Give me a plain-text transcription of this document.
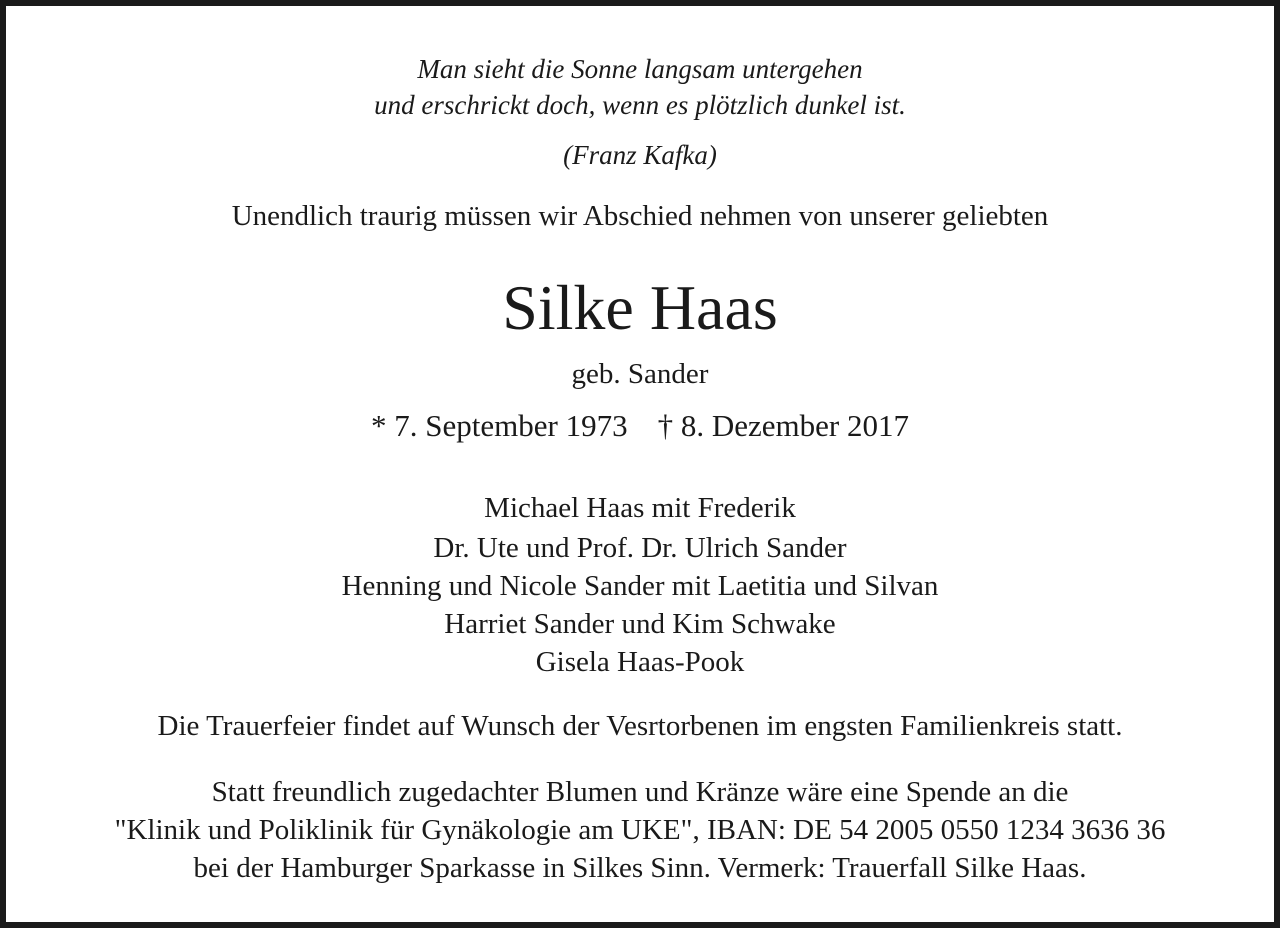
Man sieht die Sonne langsam untergehen
und erschrickt doch, wenn es plötzlich dunkel ist.
(Franz Kafka)
Unendlich traurig müssen wir Abschied nehmen von unserer geliebten
Silke Haas
geb. Sander
* 7. September 1973 † 8. Dezember 2017
Michael Haas mit Frederik
Dr. Ute und Prof. Dr. Ulrich Sander
Henning und Nicole Sander mit Laetitia und Silvan
Harriet Sander und Kim Schwake
Gisela Haas-Pook
Die Trauerfeier findet auf Wunsch der Vesrtorbenen im engsten Familienkreis statt.
Statt freundlich zugedachter Blumen und Kränze wäre eine Spende an die
"Klinik und Poliklinik für Gynäkologie am UKE", IBAN: DE 54 2005 0550 1234 3636 36
bei der Hamburger Sparkasse in Silkes Sinn. Vermerk: Trauerfall Silke Haas.
